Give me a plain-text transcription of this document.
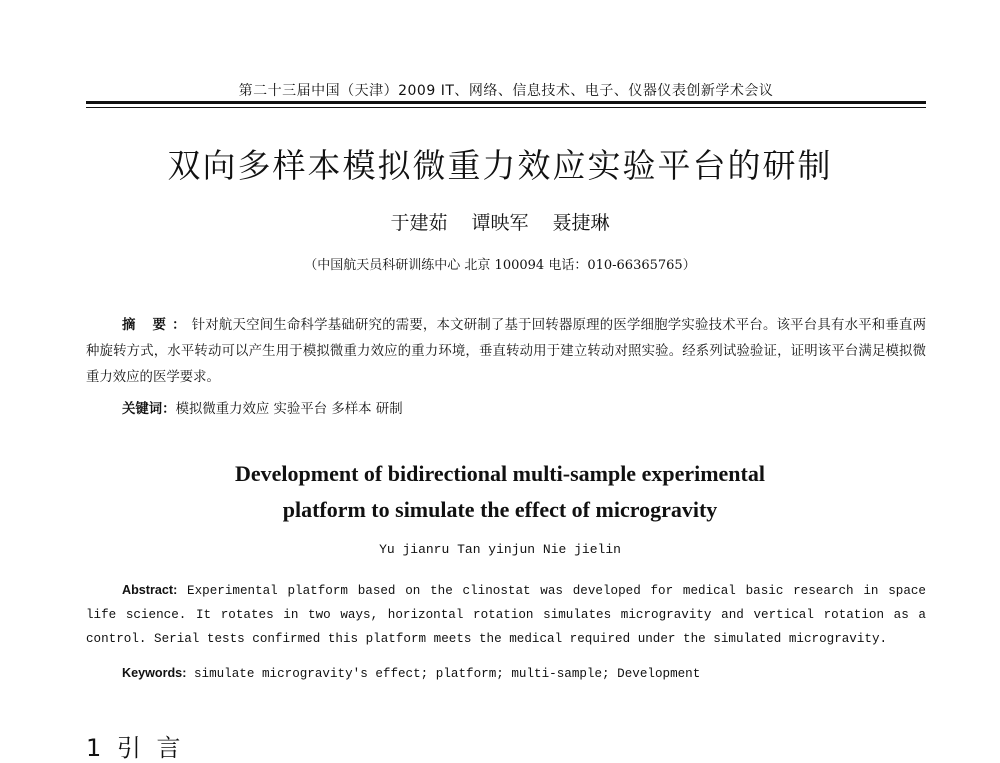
第二十三届中国（天津）2009 IT、网络、信息技术、电子、仪器仪表创新学术会议
双向多样本模拟微重力效应实验平台的研制
于建茹 谭映军 聂捷琳
（中国航天员科研训练中心 北京 100094 电话：010-66365765）
摘 要：针对航天空间生命科学基础研究的需要，本文研制了基于回转器原理的医学细胞学实验技术平台。该平台具有水平和垂直两种旋转方式，水平转动可以产生用于模拟微重力效应的重力环境，垂直转动用于建立转动对照实验。经系列试验验证，证明该平台满足模拟微重力效应的医学要求。
关键词：模拟微重力效应 实验平台 多样本 研制
Development of bidirectional multi-sample experimental
platform to simulate the effect of microgravity
Yu jianru Tan yinjun Nie jielin
Abstract: Experimental platform based on the clinostat was developed for medical basic research in space life science. It rotates in two ways, horizontal rotation simulates microgravity and vertical rotation as a control. Serial tests confirmed this platform meets the medical required under the simulated microgravity.
Keywords: simulate microgravity's effect; platform; multi-sample; Development
1 引 言
